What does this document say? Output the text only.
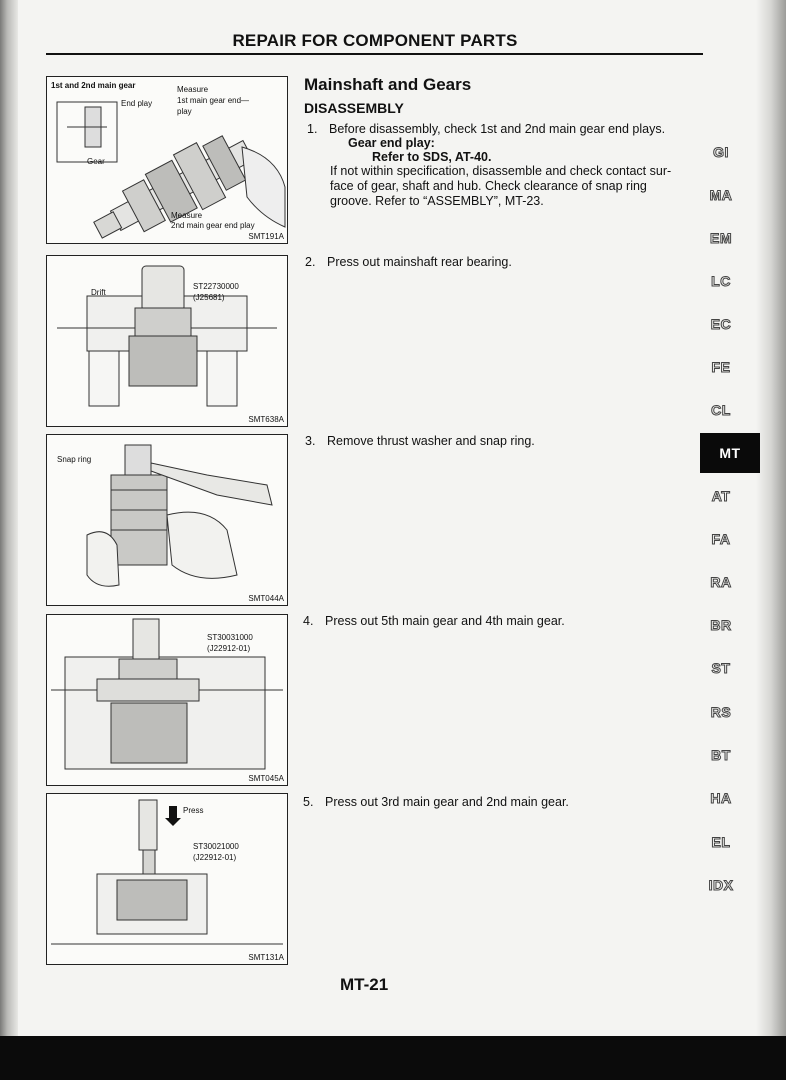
REPAIR FOR COMPONENT PARTS
1st and 2nd main gear
End play
Measure
1st main gear end—
play
Gear
Measure
2nd main gear end play
SMT191A
Drift
ST22730000
(J25681)
SMT638A
Snap ring
SMT044A
ST30031000
(J22912-01)
SMT045A
Press
ST30021000
(J22912-01)
SMT131A
Mainshaft and Gears
DISASSEMBLY
1. Before disassembly, check 1st and 2nd main gear end plays.
Gear end play:
Refer to SDS, AT-40.
If not within specification, disassemble and check contact sur-
face of gear, shaft and hub. Check clearance of snap ring
groove. Refer to “ASSEMBLY”, MT-23.
2. Press out mainshaft rear bearing.
3. Remove thrust washer and snap ring.
4. Press out 5th main gear and 4th main gear.
5. Press out 3rd main gear and 2nd main gear.
GI
MA
EM
LC
EC
FE
CL
MT
AT
FA
RA
BR
ST
RS
BT
HA
EL
IDX
MT-21
